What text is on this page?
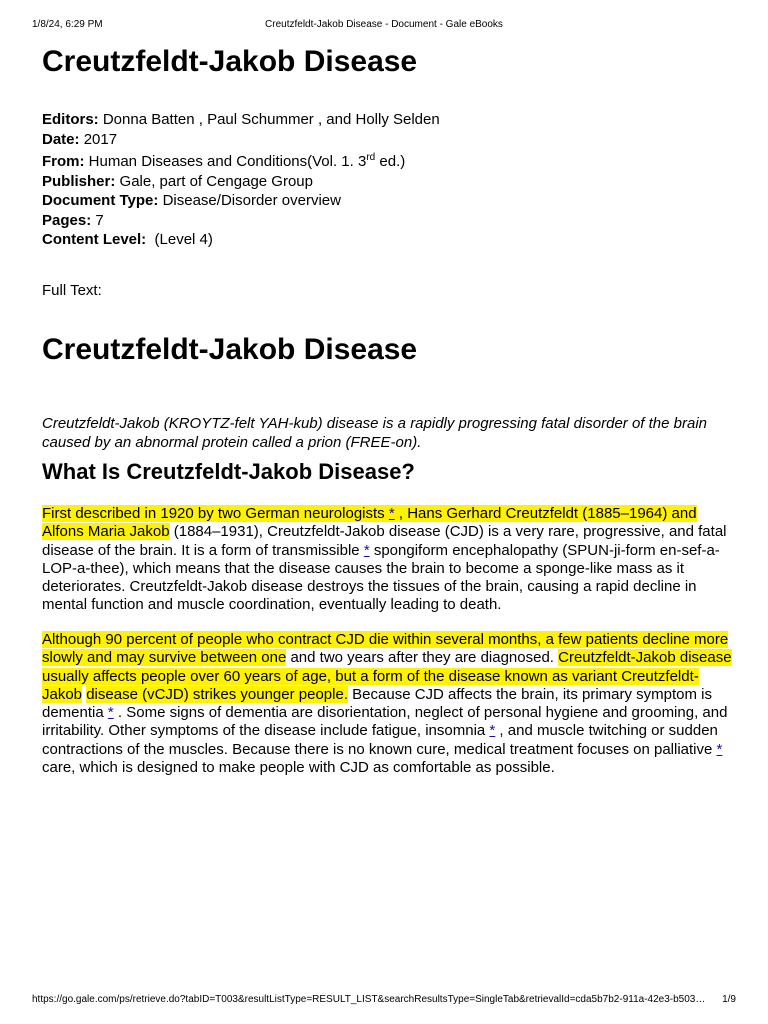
1/8/24, 6:29 PM	Creutzfeldt-Jakob Disease - Document - Gale eBooks
Creutzfeldt-Jakob Disease
Editors: Donna Batten , Paul Schummer , and Holly Selden
Date: 2017
From: Human Diseases and Conditions(Vol. 1. 3rd ed.)
Publisher: Gale, part of Cengage Group
Document Type: Disease/Disorder overview
Pages: 7
Content Level: (Level 4)
Full Text:
Creutzfeldt-Jakob Disease

Creutzfeldt-Jakob (KROYTZ-felt YAH-kub) disease is a rapidly progressing fatal disorder of the brain caused by an abnormal protein called a prion (FREE-on).

What Is Creutzfeldt-Jakob Disease?

First described in 1920 by two German neurologists * , Hans Gerhard Creutzfeldt (1885–1964) and Alfons Maria Jakob (1884–1931), Creutzfeldt-Jakob disease (CJD) is a very rare, progressive, and fatal disease of the brain. It is a form of transmissible * spongiform encephalopathy (SPUN-ji-form en-sef-a-LOP-a-thee), which means that the disease causes the brain to become a sponge-like mass as it deteriorates. Creutzfeldt-Jakob disease destroys the tissues of the brain, causing a rapid decline in mental function and muscle coordination, eventually leading to death.

Although 90 percent of people who contract CJD die within several months, a few patients decline more slowly and may survive between one and two years after they are diagnosed. Creutzfeldt-Jakob disease usually affects people over 60 years of age, but a form of the disease known as variant Creutzfeldt-Jakob disease (vCJD) strikes younger people. Because CJD affects the brain, its primary symptom is dementia * . Some signs of dementia are disorientation, neglect of personal hygiene and grooming, and irritability. Other symptoms of the disease include fatigue, insomnia * , and muscle twitching or sudden contractions of the muscles. Because there is no known cure, medical treatment focuses on palliative * care, which is designed to make people with CJD as comfortable as possible.

https://go.gale.com/ps/retrieve.do?tabID=T003&resultListType=RESULT_LIST&searchResultsType=SingleTab&retrievalId=cda5b7b2-911a-42e3-b503…	1/9
